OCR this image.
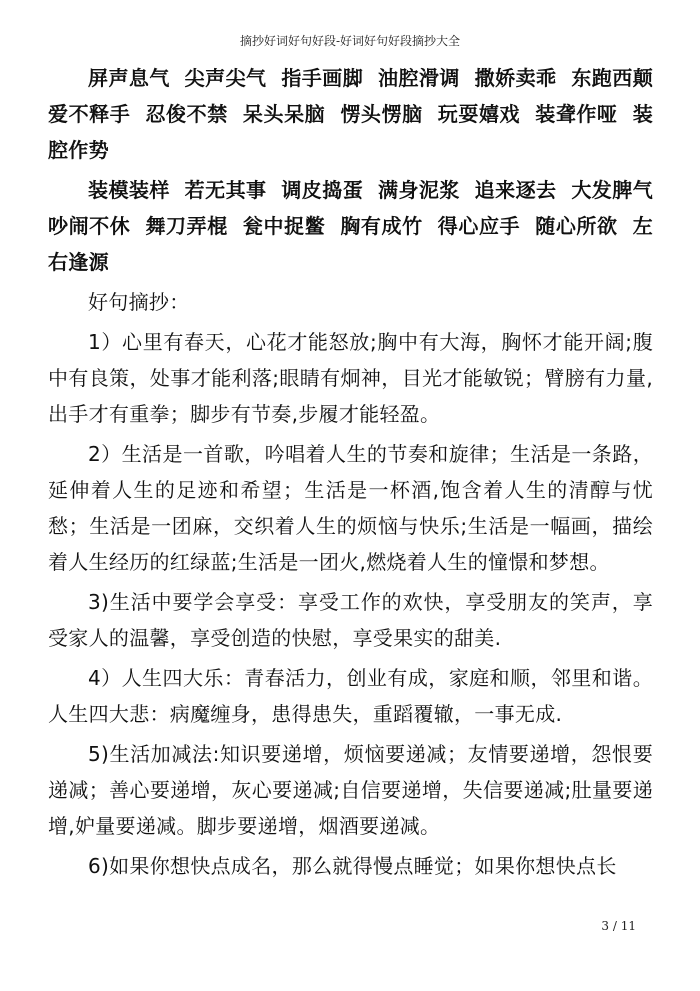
摘抄好词好句好段-好词好句好段摘抄大全

屏声息气  尖声尖气  指手画脚  油腔滑调  撒娇卖乖  东跑西颠  爱不释手  忍俊不禁  呆头呆脑  愣头愣脑  玩耍嬉戏  装聋作哑  装腔作势

装模装样  若无其事  调皮捣蛋  满身泥浆  追来逐去  大发脾气  吵闹不休  舞刀弄棍  瓮中捉鳖  胸有成竹  得心应手  随心所欲  左右逢源

好句摘抄：

1）心里有春天，心花才能怒放;胸中有大海，胸怀才能开阔;腹中有良策，处事才能利落;眼睛有炯神，目光才能敏锐；臂膀有力量,出手才有重拳；脚步有节奏,步履才能轻盈。

2）生活是一首歌，吟唱着人生的节奏和旋律；生活是一条路，延伸着人生的足迹和希望；生活是一杯酒,饱含着人生的清醇与忧愁；生活是一团麻，交织着人生的烦恼与快乐;生活是一幅画，描绘着人生经历的红绿蓝;生活是一团火,燃烧着人生的憧憬和梦想。

3)生活中要学会享受：享受工作的欢快，享受朋友的笑声，享受家人的温馨，享受创造的快慰，享受果实的甜美.

4）人生四大乐：青春活力，创业有成，家庭和顺，邻里和谐。人生四大悲：病魔缠身，患得患失，重蹈覆辙，一事无成.

5)生活加减法:知识要递增，烦恼要递减；友情要递增，怨恨要递减；善心要递增，灰心要递减;自信要递增，失信要递减;肚量要递增,妒量要递减。脚步要递增，烟酒要递减。

6)如果你想快点成名，那么就得慢点睡觉；如果你想快点长

3 / 11
